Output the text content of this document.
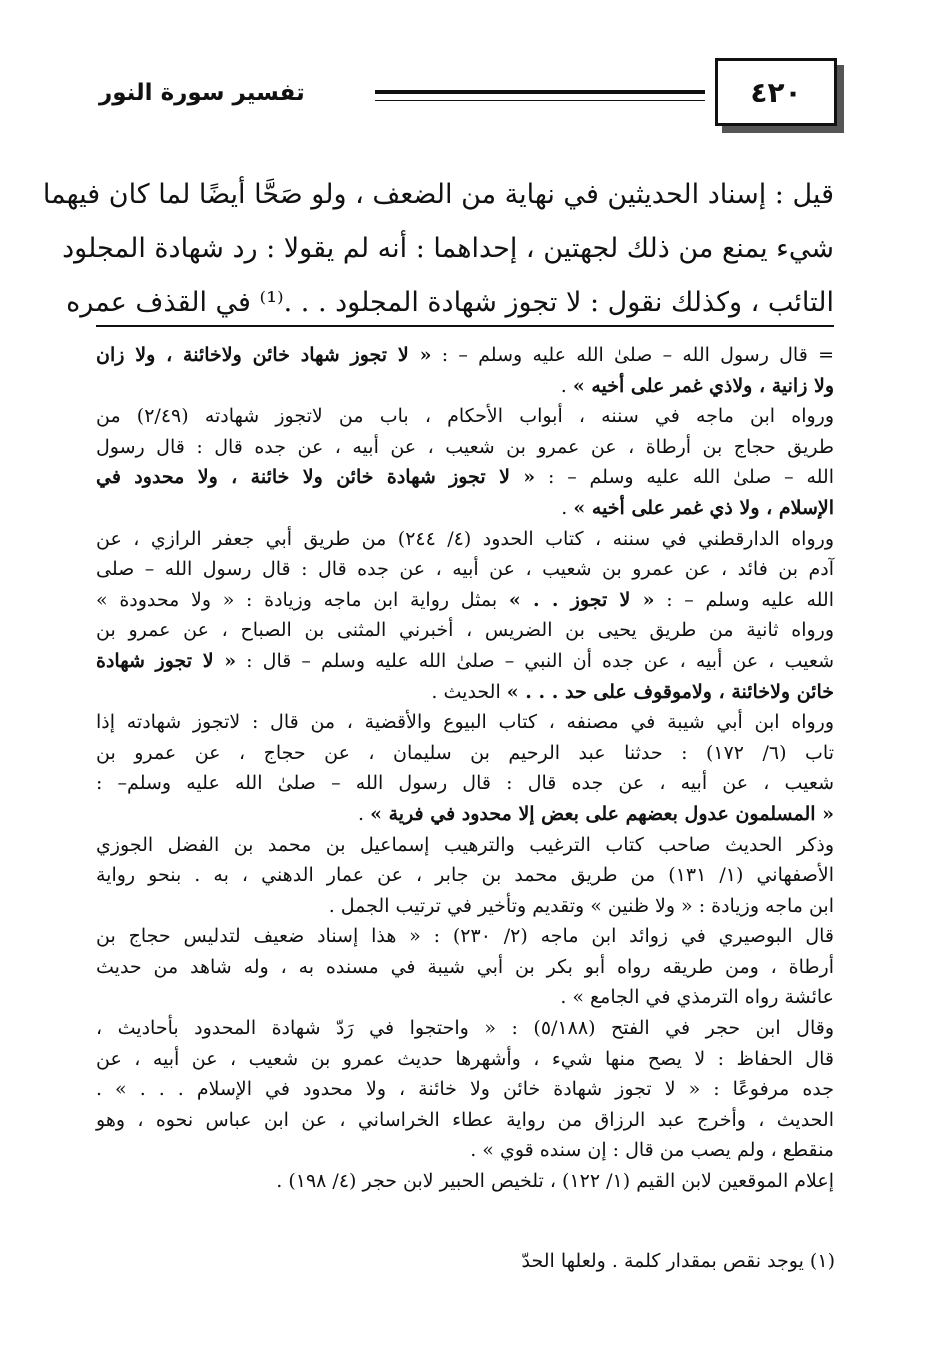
٤٢٠
تفسير سورة النور
قيل : إسناد الحديثين في نهاية من الضعف ، ولو صَحَّا أيضًا لما كان فيهما
شيء يمنع من ذلك لجهتين ، إحداهما : أنه لم يقولا : رد شهادة المجلود
التائب ، وكذلك نقول : لا تجوز شهادة المجلود . . .⁽¹⁾ في القذف عمره
= قال رسول الله – صلىٰ الله عليه وسلم – : « لا تجوز شهاد خائن ولاخائنة ، ولا زان
ولا زانية ، ولاذي غمر على أخيه » .
ورواه ابن ماجه في سننه ، أبواب الأحكام ، باب من لاتجوز شهادته (٢/٤٩) من
طريق حجاج بن أرطاة ، عن عمرو بن شعيب ، عن أبيه ، عن جده قال : قال رسول
الله – صلىٰ الله عليه وسلم – : « لا تجوز شهادة خائن ولا خائنة ، ولا محدود في
الإسلام ، ولا ذي غمر على أخيه » .
ورواه الدارقطني في سننه ، كتاب الحدود (٤/ ٢٤٤) من طريق أبي جعفر الرازي ، عن
آدم بن فائد ، عن عمرو بن شعيب ، عن أبيه ، عن جده قال : قال رسول الله – صلى
الله عليه وسلم – : « لا تجوز . . » بمثل رواية ابن ماجه وزيادة : « ولا محدودة »
ورواه ثانية من طريق يحيى بن الضريس ، أخبرني المثنى بن الصباح ، عن عمرو بن
شعيب ، عن أبيه ، عن جده أن النبي – صلىٰ الله عليه وسلم – قال : « لا تجوز شهادة
خائن ولاخائنة ، ولاموقوف على حد . . . » الحديث .
ورواه ابن أبي شيبة في مصنفه ، كتاب البيوع والأقضية ، من قال : لاتجوز شهادته إذا
تاب (٦/ ١٧٢) : حدثنا عبد الرحيم بن سليمان ، عن حجاج ، عن عمرو بن
شعيب ، عن أبيه ، عن جده قال : قال رسول الله – صلىٰ الله عليه وسلم– :
« المسلمون عدول بعضهم على بعض إلا محدود في فرية » .
وذكر الحديث صاحب كتاب الترغيب والترهيب إسماعيل بن محمد بن الفضل الجوزي
الأصفهاني (١/ ١٣١) من طريق محمد بن جابر ، عن عمار الدهني ، به . بنحو رواية
ابن ماجه وزيادة : « ولا ظنين » وتقديم وتأخير في ترتيب الجمل .
قال البوصيري في زوائد ابن ماجه (٢/ ٢٣٠) : « هذا إسناد ضعيف لتدليس حجاج بن
أرطاة ، ومن طريقه رواه أبو بكر بن أبي شيبة في مسنده به ، وله شاهد من حديث
عائشة رواه الترمذي في الجامع » .
وقال ابن حجر في الفتح (٥/١٨٨) : « واحتجوا في رَدّ شهادة المحدود بأحاديث ،
قال الحفاظ : لا يصح منها شيء ، وأشهرها حديث عمرو بن شعيب ، عن أبيه ، عن
جده مرفوعًا : « لا تجوز شهادة خائن ولا خائنة ، ولا محدود في الإسلام . . . » .
الحديث ، وأخرج عبد الرزاق من رواية عطاء الخراساني ، عن ابن عباس نحوه ، وهو
منقطع ، ولم يصب من قال : إن سنده قوي » .
إعلام الموقعين لابن القيم (١/ ١٢٢) ، تلخيص الحبير لابن حجر (٤/ ١٩٨) .
(١) يوجد نقص بمقدار كلمة . ولعلها الحدّ
